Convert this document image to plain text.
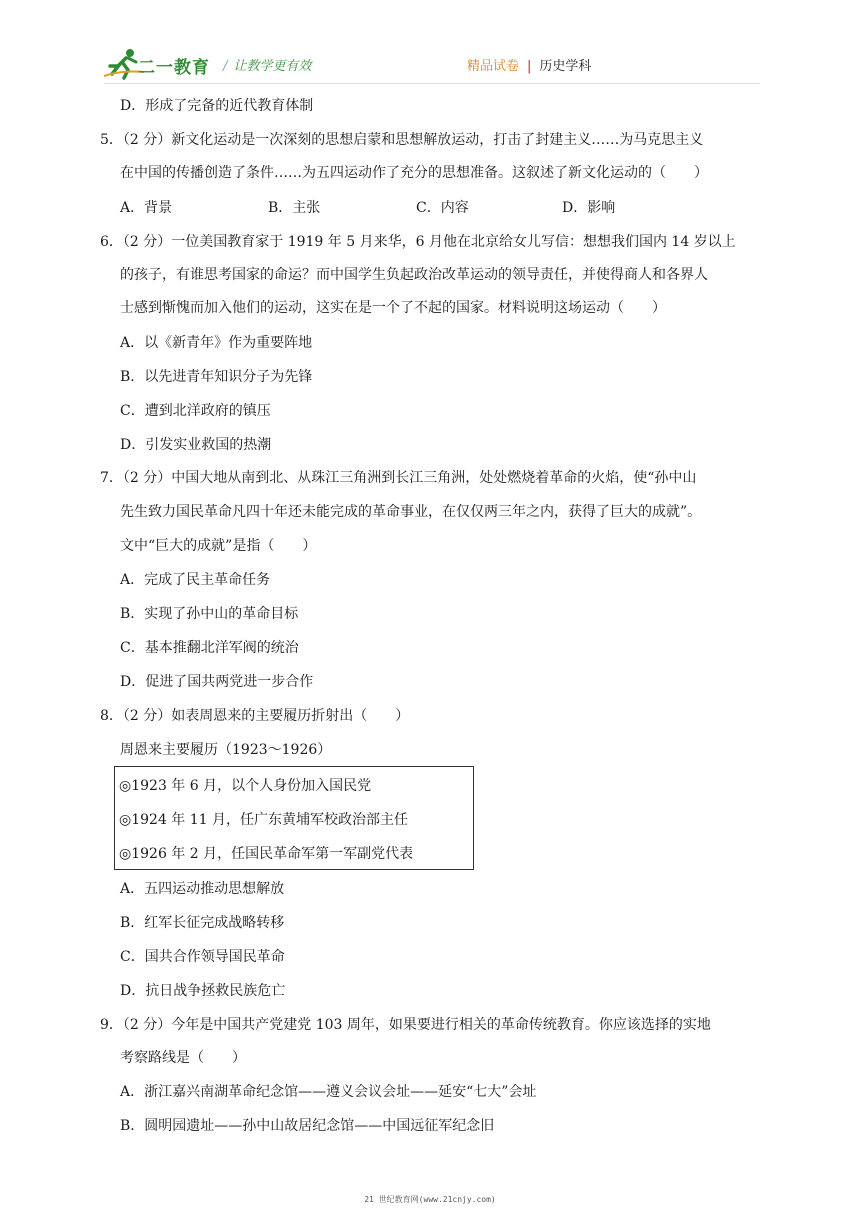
二一教育 / 让教学更有效	精品试卷 | 历史学科
D．形成了完备的近代教育体制
5．（2 分）新文化运动是一次深刻的思想启蒙和思想解放运动，打击了封建主义……为马克思主义
在中国的传播创造了条件……为五四运动作了充分的思想准备。这叙述了新文化运动的（　　）
A．背景	B．主张	C．内容	D．影响
6．（2 分）一位美国教育家于 1919 年 5 月来华，6 月他在北京给女儿写信：想想我们国内 14 岁以上
的孩子，有谁思考国家的命运？而中国学生负起政治改革运动的领导责任，并使得商人和各界人
士感到惭愧而加入他们的运动，这实在是一个了不起的国家。材料说明这场运动（　　）
A．以《新青年》作为重要阵地
B．以先进青年知识分子为先锋
C．遭到北洋政府的镇压
D．引发实业救国的热潮
7．（2 分）中国大地从南到北、从珠江三角洲到长江三角洲，处处燃烧着革命的火焰，使“孙中山
先生致力国民革命凡四十年还未能完成的革命事业，在仅仅两三年之内，获得了巨大的成就”。
文中“巨大的成就”是指（　　）
A．完成了民主革命任务
B．实现了孙中山的革命目标
C．基本推翻北洋军阀的统治
D．促进了国共两党进一步合作
8．（2 分）如表周恩来的主要履历折射出（　　）
周恩来主要履历（1923～1926）
◎1923 年 6 月，以个人身份加入国民党
◎1924 年 11 月，任广东黄埔军校政治部主任
◎1926 年 2 月，任国民革命军第一军副党代表
A．五四运动推动思想解放
B．红军长征完成战略转移
C．国共合作领导国民革命
D．抗日战争拯救民族危亡
9．（2 分）今年是中国共产党建党 103 周年，如果要进行相关的革命传统教育。你应该选择的实地
考察路线是（　　）
A．浙江嘉兴南湖革命纪念馆——遵义会议会址——延安“七大”会址
B．圆明园遗址——孙中山故居纪念馆——中国远征军纪念旧
21 世纪教育网(www.21cnjy.com)
